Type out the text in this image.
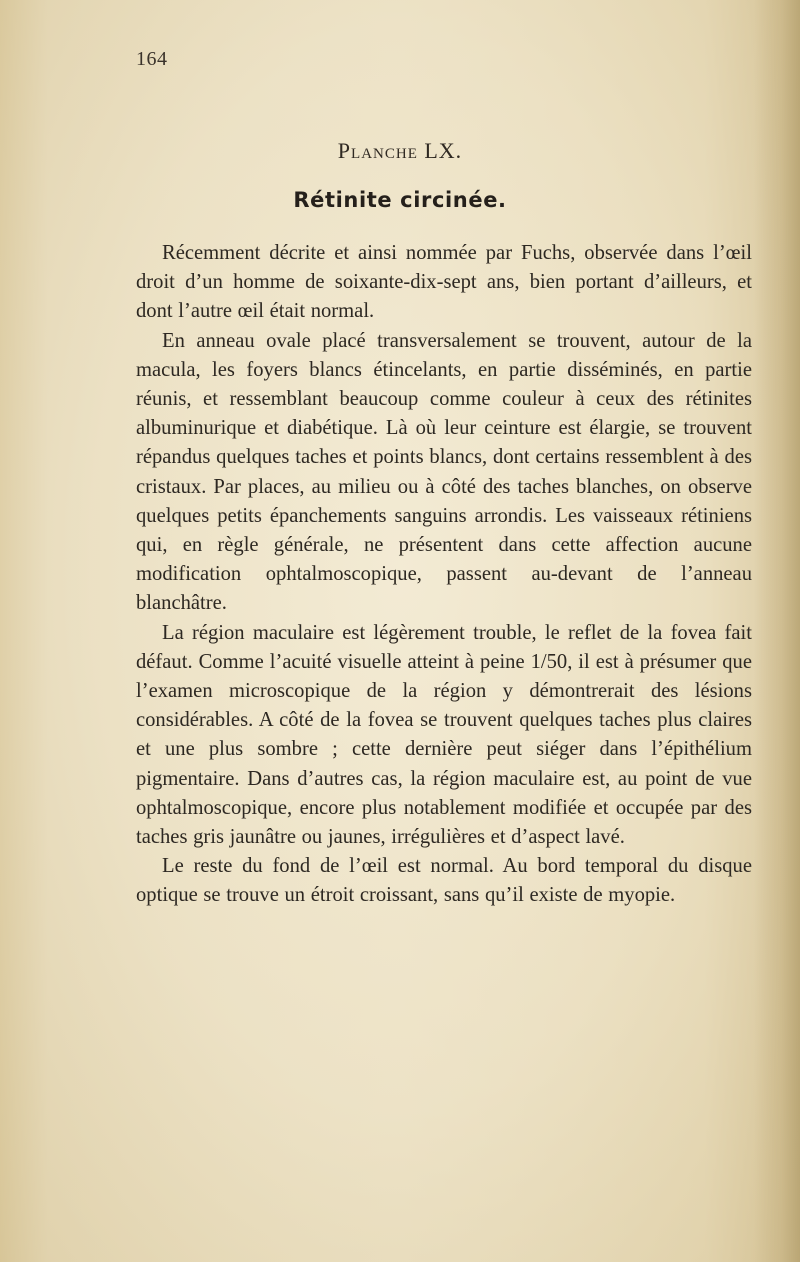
164
Planche LX.
Rétinite circinée.

Récemment décrite et ainsi nommée par Fuchs, observée dans l’œil droit d’un homme de soixante-dix-sept ans, bien portant d’ailleurs, et dont l’autre œil était normal.

En anneau ovale placé transversalement se trouvent, autour de la macula, les foyers blancs étincelants, en partie disséminés, en partie réunis, et ressemblant beaucoup comme couleur à ceux des rétinites albuminurique et diabétique. Là où leur ceinture est élargie, se trouvent répandus quelques taches et points blancs, dont certains ressemblent à des cristaux. Par places, au milieu ou à côté des taches blanches, on observe quelques petits épanchements sanguins arrondis. Les vaisseaux rétiniens qui, en règle générale, ne présentent dans cette affection aucune modification ophtalmoscopique, passent au-devant de l’anneau blanchâtre.

La région maculaire est légèrement trouble, le reflet de la fovea fait défaut. Comme l’acuité visuelle atteint à peine 1/50, il est à présumer que l’examen microscopique de la région y démontrerait des lésions considérables. A côté de la fovea se trouvent quelques taches plus claires et une plus sombre ; cette dernière peut siéger dans l’épithélium pigmentaire. Dans d’autres cas, la région maculaire est, au point de vue ophtalmoscopique, encore plus notablement modifiée et occupée par des taches gris jaunâtre ou jaunes, irrégulières et d’aspect lavé.

Le reste du fond de l’œil est normal. Au bord temporal du disque optique se trouve un étroit croissant, sans qu’il existe de myopie.
